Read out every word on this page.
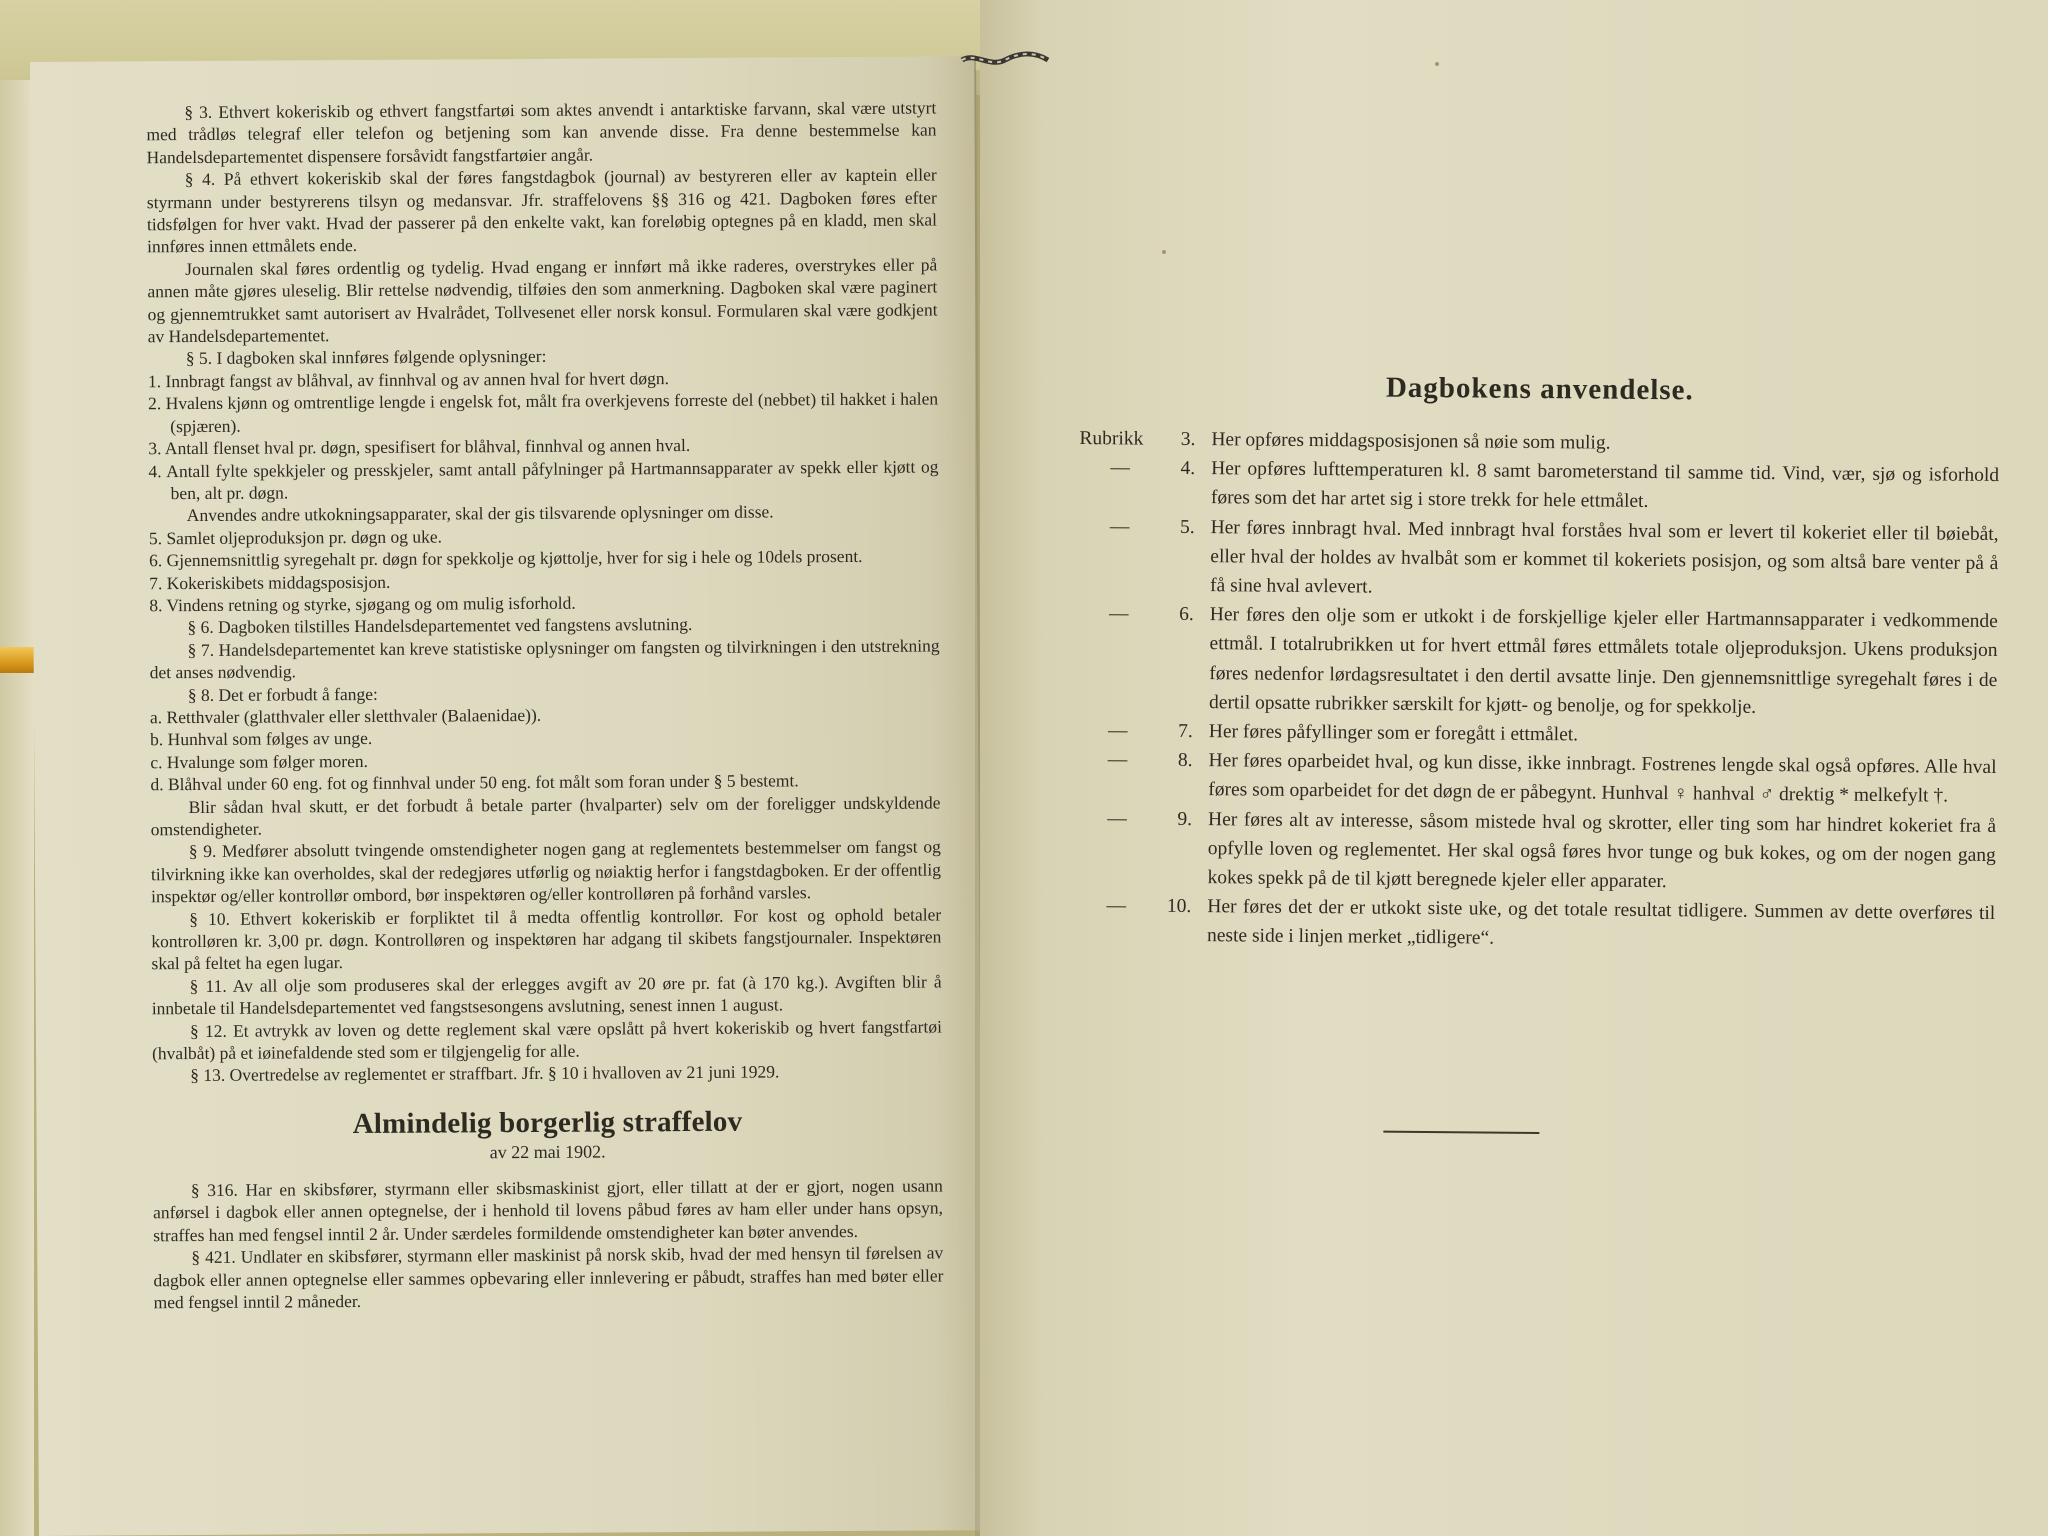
§ 3. Ethvert kokeriskib og ethvert fangstfartøi som aktes anvendt i antarktiske farvann, skal være utstyrt med trådløs telegraf eller telefon og betjening som kan anvende disse. Fra denne bestemmelse kan Handelsdepartementet dispensere forsåvidt fangstfartøier angår.

§ 4. På ethvert kokeriskib skal der føres fangstdagbok (journal) av bestyreren eller av kaptein eller styrmann under bestyrerens tilsyn og medansvar. Jfr. straffelovens §§ 316 og 421. Dagboken føres efter tidsfølgen for hver vakt. Hvad der passerer på den enkelte vakt, kan foreløbig optegnes på en kladd, men skal innføres innen ettmålets ende.

Journalen skal føres ordentlig og tydelig. Hvad engang er innført må ikke raderes, overstrykes eller på annen måte gjøres uleselig. Blir rettelse nødvendig, tilføies den som anmerkning. Dagboken skal være paginert og gjennemtrukket samt autorisert av Hvalrådet, Tollvesenet eller norsk konsul. Formularen skal være godkjent av Handelsdepartementet.

§ 5. I dagboken skal innføres følgende oplysninger:

1. Innbragt fangst av blåhval, av finnhval og av annen hval for hvert døgn.

2. Hvalens kjønn og omtrentlige lengde i engelsk fot, målt fra overkjevens forreste del (nebbet) til hakket i halen (spjæren).

3. Antall flenset hval pr. døgn, spesifisert for blåhval, finnhval og annen hval.

4. Antall fylte spekkjeler og presskjeler, samt antall påfylninger på Hartmannsapparater av spekk eller kjøtt og ben, alt pr. døgn.

Anvendes andre utkokningsapparater, skal der gis tilsvarende oplysninger om disse.

5. Samlet oljeproduksjon pr. døgn og uke.

6. Gjennemsnittlig syregehalt pr. døgn for spekkolje og kjøttolje, hver for sig i hele og 10dels prosent.

7. Kokeriskibets middagsposisjon.

8. Vindens retning og styrke, sjøgang og om mulig isforhold.

§ 6. Dagboken tilstilles Handelsdepartementet ved fangstens avslutning.

§ 7. Handelsdepartementet kan kreve statistiske oplysninger om fangsten og tilvirkningen i den utstrekning det anses nødvendig.

§ 8. Det er forbudt å fange:

a. Retthvaler (glatthvaler eller sletthvaler (Balaenidae)).

b. Hunhval som følges av unge.

c. Hvalunge som følger moren.

d. Blåhval under 60 eng. fot og finnhval under 50 eng. fot målt som foran under § 5 bestemt.

Blir sådan hval skutt, er det forbudt å betale parter (hvalparter) selv om der foreligger undskyldende omstendigheter.

§ 9. Medfører absolutt tvingende omstendigheter nogen gang at reglementets bestemmelser om fangst og tilvirkning ikke kan overholdes, skal der redegjøres utførlig og nøiaktig herfor i fangstdagboken. Er der offentlig inspektør og/eller kontrollør ombord, bør inspektøren og/eller kontrolløren på forhånd varsles.

§ 10. Ethvert kokeriskib er forpliktet til å medta offentlig kontrollør. For kost og ophold betaler kontrolløren kr. 3,00 pr. døgn. Kontrolløren og inspektøren har adgang til skibets fangstjournaler. Inspektøren skal på feltet ha egen lugar.

§ 11. Av all olje som produseres skal der erlegges avgift av 20 øre pr. fat (à 170 kg.). Avgiften blir å innbetale til Handelsdepartementet ved fangstsesongens avslutning, senest innen 1 august.

§ 12. Et avtrykk av loven og dette reglement skal være opslått på hvert kokeriskib og hvert fangstfartøi (hvalbåt) på et iøinefaldende sted som er tilgjengelig for alle.

§ 13. Overtredelse av reglementet er straffbart. Jfr. § 10 i hvalloven av 21 juni 1929.

Almindelig borgerlig straffelov
av 22 mai 1902.

§ 316. Har en skibsfører, styrmann eller skibsmaskinist gjort, eller tillatt at der er gjort, nogen usann anførsel i dagbok eller annen optegnelse, der i henhold til lovens påbud føres av ham eller under hans opsyn, straffes han med fengsel inntil 2 år. Under særdeles formildende omstendigheter kan bøter anvendes.

§ 421. Undlater en skibsfører, styrmann eller maskinist på norsk skib, hvad der med hensyn til førelsen av dagbok eller annen optegnelse eller sammes opbevaring eller innlevering er påbudt, straffes han med bøter eller med fengsel inntil 2 måneder.

Dagbokens anvendelse.
Rubrikk	3. Her opføres middagsposisjonen så nøie som mulig.
—	4. Her opføres lufttemperaturen kl. 8 samt barometerstand til samme tid. Vind, vær, sjø og isforhold føres som det har artet sig i store trekk for hele ettmålet.
—	5. Her føres innbragt hval. Med innbragt hval forståes hval som er levert til kokeriet eller til bøiebåt, eller hval der holdes av hvalbåt som er kommet til kokeriets posisjon, og som altså bare venter på å få sine hval avlevert.
—	6. Her føres den olje som er utkokt i de forskjellige kjeler eller Hartmannsapparater i vedkommende ettmål. I totalrubrikken ut for hvert ettmål føres ettmålets totale oljeproduksjon. Ukens produksjon føres nedenfor lørdagsresultatet i den dertil avsatte linje. Den gjennemsnittlige syregehalt føres i de dertil opsatte rubrikker særskilt for kjøtt- og benolje, og for spekkolje.
—	7. Her føres påfyllinger som er foregått i ettmålet.
—	8. Her føres oparbeidet hval, og kun disse, ikke innbragt. Fostrenes lengde skal også opføres. Alle hval føres som oparbeidet for det døgn de er påbegynt. Hunhval ♀ hanhval ♂ drektig * melkefylt †.
—	9. Her føres alt av interesse, såsom mistede hval og skrotter, eller ting som har hindret kokeriet fra å opfylle loven og reglementet. Her skal også føres hvor tunge og buk kokes, og om der nogen gang kokes spekk på de til kjøtt beregnede kjeler eller apparater.
—	10. Her føres det der er utkokt siste uke, og det totale resultat tidligere. Summen av dette overføres til neste side i linjen merket „tidligere“.
